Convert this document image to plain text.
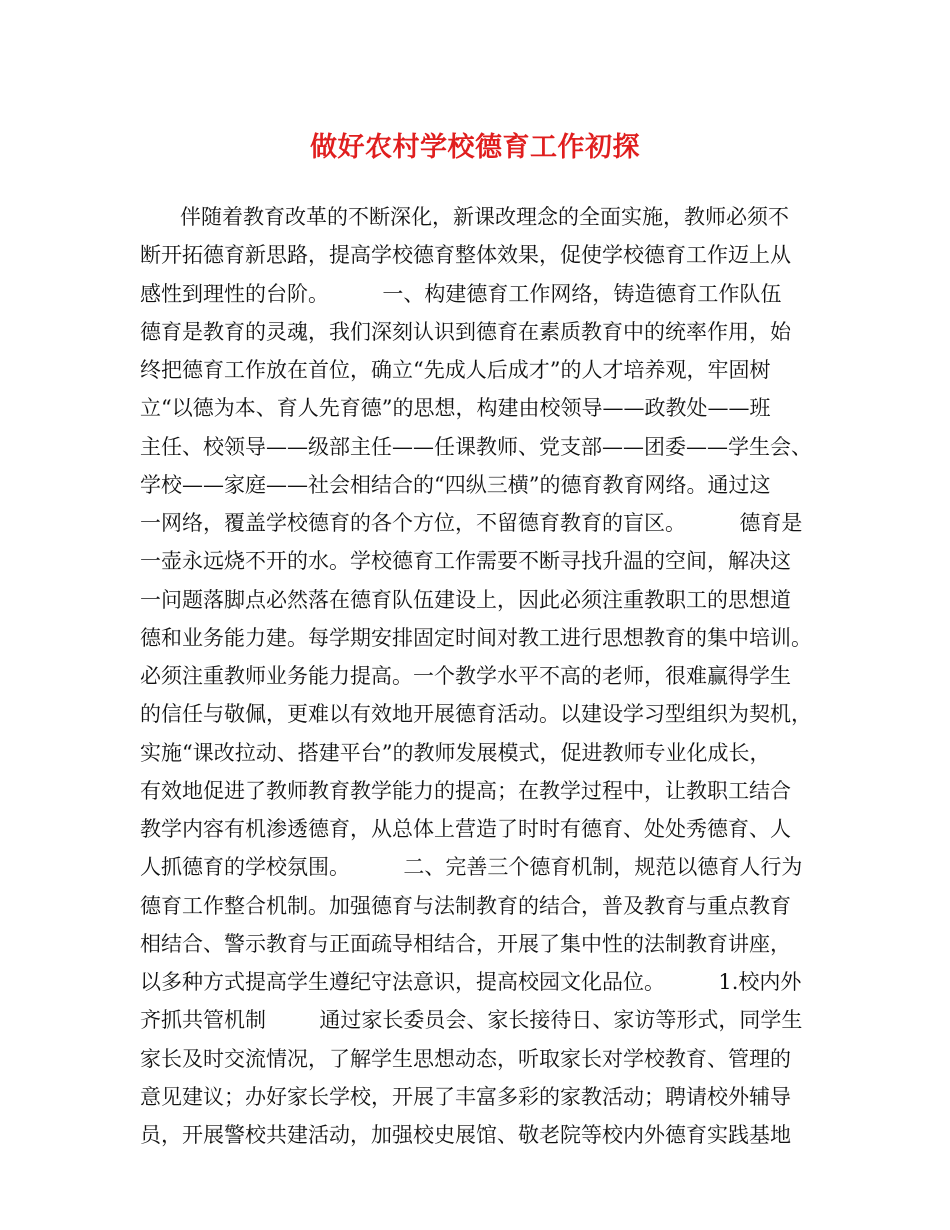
做好农村学校德育工作初探
伴随着教育改革的不断深化，新课改理念的全面实施，教师必须不
断开拓德育新思路，提高学校德育整体效果，促使学校德育工作迈上从
感性到理性的台阶。        一、构建德育工作网络，铸造德育工作队伍
德育是教育的灵魂，我们深刻认识到德育在素质教育中的统率作用，始
终把德育工作放在首位，确立“先成人后成才”的人才培养观，牢固树
立“以德为本、育人先育德”的思想，构建由校领导——政教处——班
主任、校领导——级部主任——任课教师、党支部——团委——学生会、
学校——家庭——社会相结合的“四纵三横”的德育教育网络。通过这
一网络，覆盖学校德育的各个方位，不留德育教育的盲区。        德育是
一壶永远烧不开的水。学校德育工作需要不断寻找升温的空间，解决这
一问题落脚点必然落在德育队伍建设上，因此必须注重教职工的思想道
德和业务能力建。每学期安排固定时间对教工进行思想教育的集中培训。
必须注重教师业务能力提高。一个教学水平不高的老师，很难赢得学生
的信任与敬佩，更难以有效地开展德育活动。以建设学习型组织为契机，
实施“课改拉动、搭建平台”的教师发展模式，促进教师专业化成长，
有效地促进了教师教育教学能力的提高；在教学过程中，让教职工结合
教学内容有机渗透德育，从总体上营造了时时有德育、处处秀德育、人
人抓德育的学校氛围。        二、完善三个德育机制，规范以德育人行为
德育工作整合机制。加强德育与法制教育的结合，普及教育与重点教育
相结合、警示教育与正面疏导相结合，开展了集中性的法制教育讲座，
以多种方式提高学生遵纪守法意识，提高校园文化品位。        1.校内外
齐抓共管机制        通过家长委员会、家长接待日、家访等形式，同学生
家长及时交流情况，了解学生思想动态，听取家长对学校教育、管理的
意见建议；办好家长学校，开展了丰富多彩的家教活动；聘请校外辅导
员，开展警校共建活动，加强校史展馆、敬老院等校内外德育实践基地
